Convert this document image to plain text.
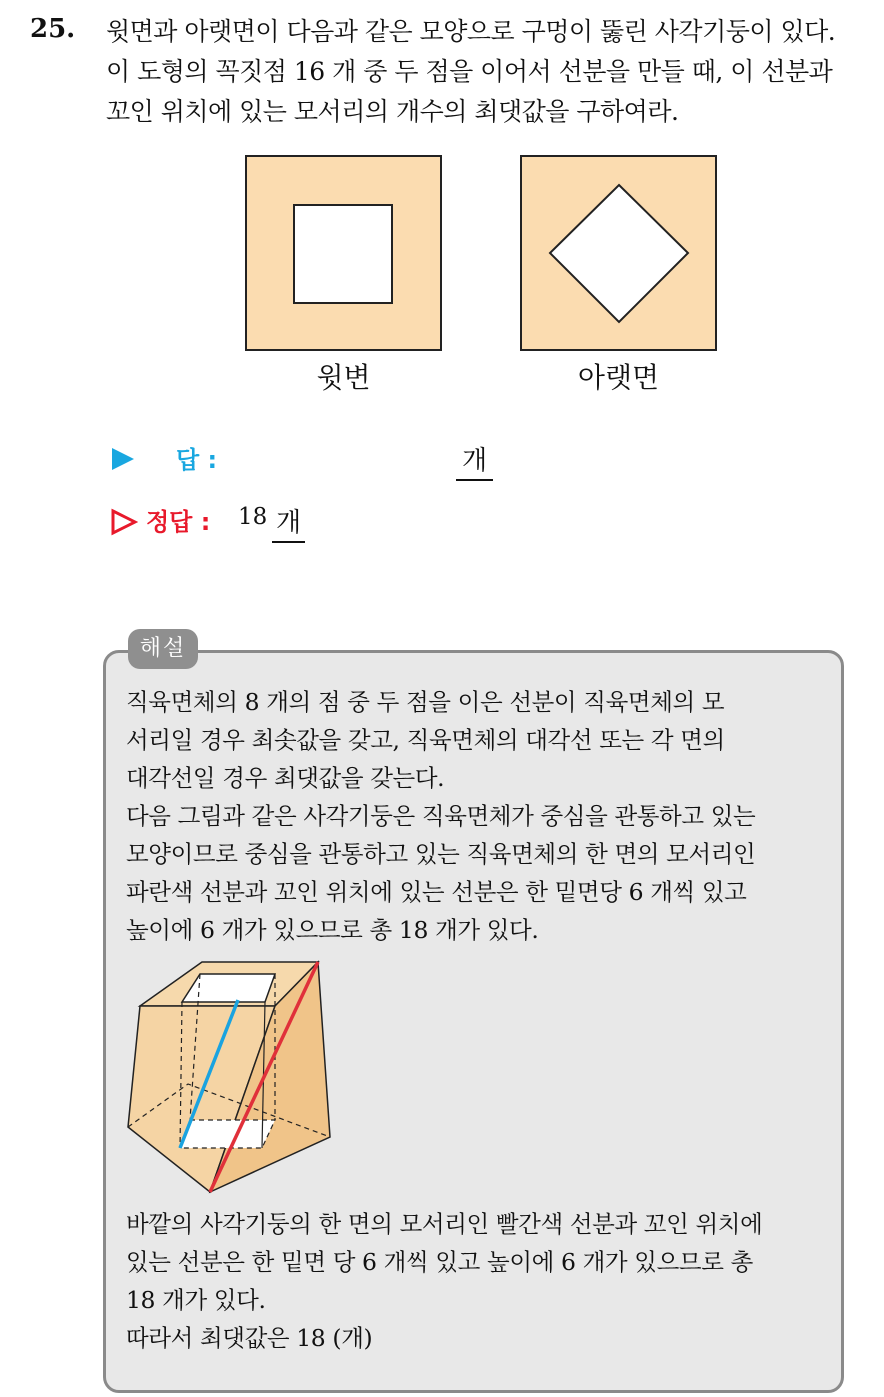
25. 윗면과 아랫면이 다음과 같은 모양으로 구멍이 뚫린 사각기둥이 있다.
이 도형의 꼭짓점 16 개 중 두 점을 이어서 선분을 만들 때, 이 선분과
꼬인 위치에 있는 모서리의 개수의 최댓값을 구하여라.
윗변	아랫면
답 :	개
정답 : 18 개
해설
직육면체의 8 개의 점 중 두 점을 이은 선분이 직육면체의 모
서리일 경우 최솟값을 갖고, 직육면체의 대각선 또는 각 면의
대각선일 경우 최댓값을 갖는다.
다음 그림과 같은 사각기둥은 직육면체가 중심을 관통하고 있는
모양이므로 중심을 관통하고 있는 직육면체의 한 면의 모서리인
파란색 선분과 꼬인 위치에 있는 선분은 한 밑면당 6 개씩 있고
높이에 6 개가 있으므로 총 18 개가 있다.
바깥의 사각기둥의 한 면의 모서리인 빨간색 선분과 꼬인 위치에
있는 선분은 한 밑면 당 6 개씩 있고 높이에 6 개가 있으므로 총
18 개가 있다.
따라서 최댓값은 18 (개)
